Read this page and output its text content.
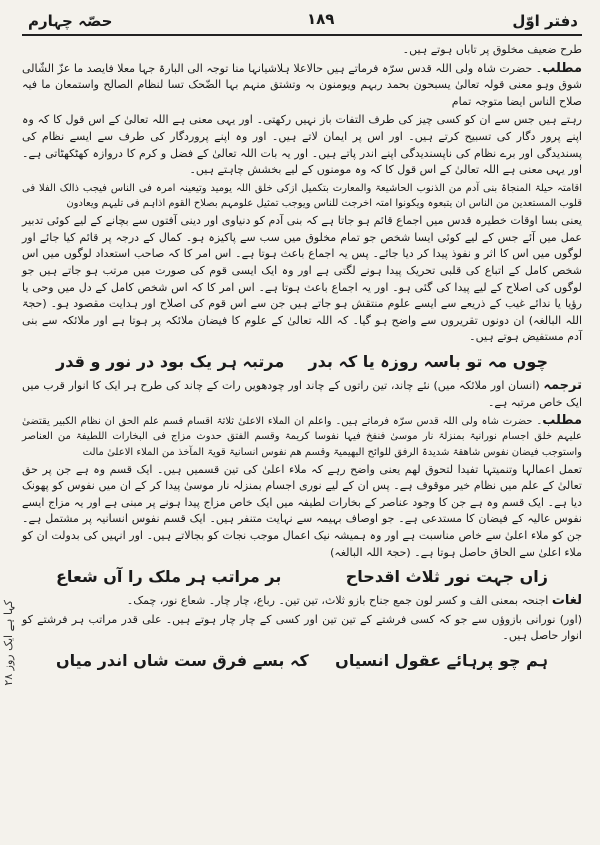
دفتر اوّل
۱۸۹
حصّہ چہارم

طرح ضعیف مخلوق پر تاباں ہوتے ہیں۔

مطلب۔ حضرت شاہ ولی اللہ قدس سرّہ فرماتے ہیں حالاعلا ہلاشیانہا منا توجہ الی البارۃ جہا معلا فایصد ما عزّ الشّالی شوق وہو معنی قولہ تعالیٰ یسبحون بحمد ربہم ویومنون بہ وتشتق منہم بہا الضّحک تسا لنظام الصالح واستمعان ما فیہ صلاح الناس ایضا متوجہ تمام

رہتے ہیں جس سے ان کو کسی چیز کی طرف التفات باز نہیں رکھتی۔ اور یہی معنی ہے اللہ تعالیٰ کے اس قول کا کہ وہ اپنے پرور دگار کی تسبیح کرتے ہیں۔ اور اس پر ایمان لاتے ہیں۔ اور وہ اپنے پروردگار کی طرف سے ایسے نظام کی پسندیدگی اور برے نظام کی ناپسندیدگی اپنے اندر پاتے ہیں۔ اور یہ بات اللہ تعالیٰ کے فضل و کرم کا دروازہ کھٹکھٹاتی ہے۔ اور یہی معنی ہے اللہ تعالیٰ کے اس قول کا کہ وہ مومنوں کے لیے بخشش چاہتے ہیں۔

اقامتہ حیلۃ المنجاۃ بنی آدم من الذنوب الحاشیعۃ والمعارت بتکمیل ازکی خلق اللہ یومید وتیعینہ امرہ فی الناس فیجب ذالک الفلا فی قلوب المستعدین من الناس ان یتبعوہ ویکونوا امتہ اخرجت للناس ویوجب تمثیل علومہم بصلاح القوم اذاہم فی تلیہم ویعادون

یعنی بسا اوقات خطیرہ قدس میں اجماع قائم ہو جاتا ہے کہ بنی آدم کو دنیاوی اور دینی آفتوں سے بچانے کے لیے کوئی تدبیر عمل میں آئے جس کے لیے کوئی ایسا شخص جو تمام مخلوق میں سب سے پاکیزہ ہو۔ کمال کے درجہ پر قائم کیا جائے اور لوگوں میں اس کا اثر و نفوذ پیدا کر دیا جائے۔ پس یہ اجماع باعث ہوتا ہے۔ اس امر کا کہ صاحب استعداد لوگوں میں اس شخص کامل کے اتباع کی قلبی تحریک پیدا ہونے لگتی ہے اور وہ ایک ایسی قوم کی صورت میں مرتب ہو جاتے ہیں جو لوگوں کی اصلاح کے لیے پیدا کی گئی ہو۔ اور یہ اجماع باعث ہوتا ہے۔ اس امر کا کہ اس شخص کامل کے دل میں وحی یا رؤیا یا ندائے غیب کے ذریعے سے ایسے علوم منتقش ہو جاتے ہیں جن سے اس قوم کی اصلاح اور ہدایت مقصود ہو۔ (حجۃ اللہ البالغہ) ان دونوں تقریروں سے واضح ہو گیا۔ کہ اللہ تعالیٰ کے علوم کا فیضان ملائکہ پر ہوتا ہے اور ملائکہ سے بنی آدم مستفیض ہوتے ہیں۔

چوں مہ تو باسہ روزہ یا کہ بدر
مرتبہ ہر یک بود در نور و قدر

ترجمہ (انسان اور ملائکہ میں) نئے چاند، تین راتوں کے چاند اور چودھویں رات کے چاند کی طرح ہر ایک کا انوار قرب میں ایک خاص مرتبہ ہے۔

مطلب۔ حضرت شاہ ولی اللہ قدس سرّہ فرماتے ہیں۔ واعلم ان الملاء الاعلیٰ ثلاثۃ اقسام قسم علم الحق ان نظام الکبیر یقتضیٰ علیہم خلق اجسام نورانیۃ بمنزلۃ نار موسیٰ فنفخ فیہا نفوسا کریمۃ وقسم الفتق حدوث مزاج فی البخارات اللطیفۃ من العناصر واستوجب فیضان نفوس شاھقۃ شدیدۃ الرفق للوائح البھیمیۃ وقسم ھم نفوس انسانیۃ قویۃ المآخذ من الملاء الاعلیٰ مالت

تعمل اعمالہا وتنمیتہا تفیدا لتحوق لھم یعنی واضح رہے کہ ملاء اعلیٰ کی تین قسمیں ہیں۔ ایک قسم وہ ہے جن پر حق تعالیٰ کے علم میں نظام خیر موقوف ہے۔ پس ان کے لیے نوری اجسام بمنزلہ نار موسیٰ پیدا کر کے ان میں نفوس کو پھونک دیا ہے۔ ایک قسم وہ ہے جن کا وجود عناصر کے بخارات لطیفہ میں ایک خاص مزاج پیدا ہونے پر مبنی ہے اور یہ مزاج ایسے نفوس عالیہ کے فیضان کا مستدعی ہے۔ جو اوصاف بہیمہ سے نہایت متنفر ہیں۔ ایک قسم نفوس انسانیہ پر مشتمل ہے۔ جن کو ملاء اعلیٰ سے خاص مناسبت ہے اور وہ ہمیشہ نیک اعمال موجب نجات کو بجالاتے ہیں۔ اور انہیں کی بدولت ان کو ملاء اعلیٰ سے الحاق حاصل ہوتا ہے۔ (حجۃ اللہ البالغہ)

زاں جہت نور ثلاث اقدحاح
بر مراتب ہر ملک را آں شعاع

لغات اجنحہ بمعنی الف و کسر لون جمع جناح بازو ثلاث، تین تین۔ رباع، چار چار۔ شعاع نور، چمک۔

(اور) نورانی بازوؤں سے جو کہ کسی فرشتے کے تین تین اور کسی کے چار چار ہوتے ہیں۔ علی قدر مراتب ہر فرشتے کو انوار حاصل ہیں۔

ہم چو پرہائے عقول انسیاں
کہ بسے فرق ست شاں اندر میاں
کہا ہے ایک روز ۲۸
